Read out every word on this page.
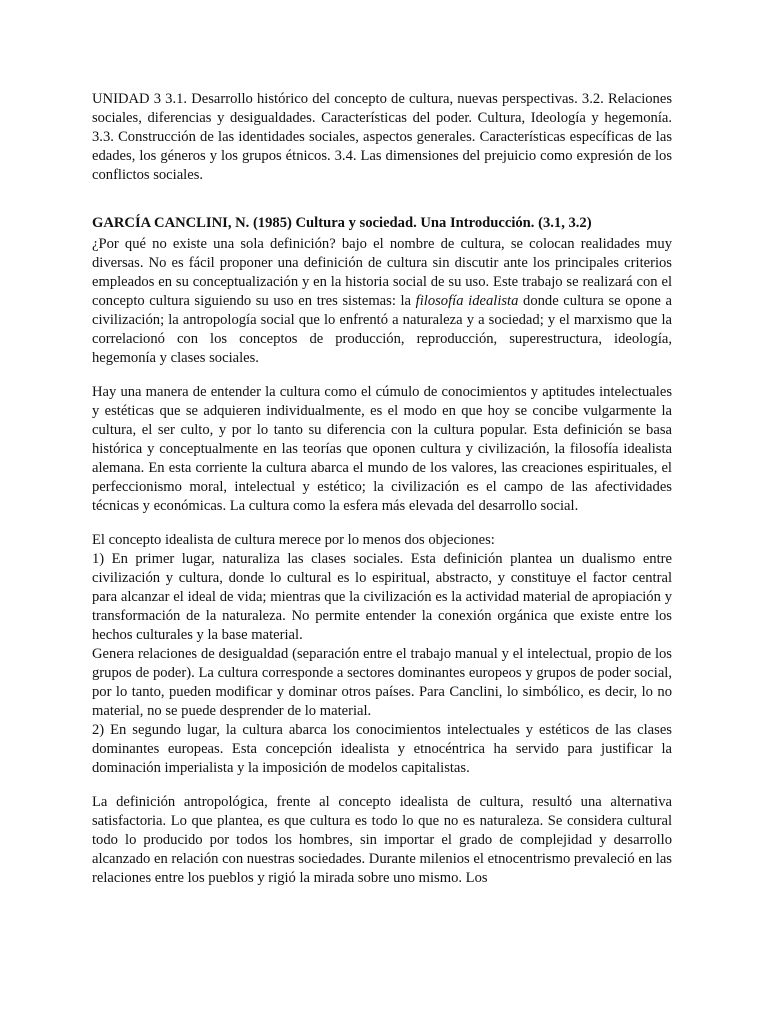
UNIDAD 3 3.1. Desarrollo histórico del concepto de cultura, nuevas perspectivas. 3.2. Relaciones sociales, diferencias y desigualdades. Características del poder. Cultura, Ideología y hegemonía. 3.3. Construcción de las identidades sociales, aspectos generales. Características específicas de las edades, los géneros y los grupos étnicos. 3.4. Las dimensiones del prejuicio como expresión de los conflictos sociales.

GARCÍA CANCLINI, N. (1985) Cultura y sociedad. Una Introducción. (3.1, 3.2)

¿Por qué no existe una sola definición? bajo el nombre de cultura, se colocan realidades muy diversas. No es fácil proponer una definición de cultura sin discutir ante los principales criterios empleados en su conceptualización y en la historia social de su uso. Este trabajo se realizará con el concepto cultura siguiendo su uso en tres sistemas: la filosofía idealista donde cultura se opone a civilización; la antropología social que lo enfrentó a naturaleza y a sociedad; y el marxismo que la correlacionó con los conceptos de producción, reproducción, superestructura, ideología, hegemonía y clases sociales.

Hay una manera de entender la cultura como el cúmulo de conocimientos y aptitudes intelectuales y estéticas que se adquieren individualmente, es el modo en que hoy se concibe vulgarmente la cultura, el ser culto, y por lo tanto su diferencia con la cultura popular. Esta definición se basa histórica y conceptualmente en las teorías que oponen cultura y civilización, la filosofía idealista alemana. En esta corriente la cultura abarca el mundo de los valores, las creaciones espirituales, el perfeccionismo moral, intelectual y estético; la civilización es el campo de las afectividades técnicas y económicas. La cultura como la esfera más elevada del desarrollo social.

El concepto idealista de cultura merece por lo menos dos objeciones:

1) En primer lugar, naturaliza las clases sociales. Esta definición plantea un dualismo entre civilización y cultura, donde lo cultural es lo espiritual, abstracto, y constituye el factor central para alcanzar el ideal de vida; mientras que la civilización es la actividad material de apropiación y transformación de la naturaleza. No permite entender la conexión orgánica que existe entre los hechos culturales y la base material.

Genera relaciones de desigualdad (separación entre el trabajo manual y el intelectual, propio de los grupos de poder). La cultura corresponde a sectores dominantes europeos y grupos de poder social, por lo tanto, pueden modificar y dominar otros países. Para Canclini, lo simbólico, es decir, lo no material, no se puede desprender de lo material.

2) En segundo lugar, la cultura abarca los conocimientos intelectuales y estéticos de las clases dominantes europeas. Esta concepción idealista y etnocéntrica ha servido para justificar la dominación imperialista y la imposición de modelos capitalistas.

La definición antropológica, frente al concepto idealista de cultura, resultó una alternativa satisfactoria. Lo que plantea, es que cultura es todo lo que no es naturaleza. Se considera cultural todo lo producido por todos los hombres, sin importar el grado de complejidad y desarrollo alcanzado en relación con nuestras sociedades. Durante milenios el etnocentrismo prevaleció en las relaciones entre los pueblos y rigió la mirada sobre uno mismo. Los
